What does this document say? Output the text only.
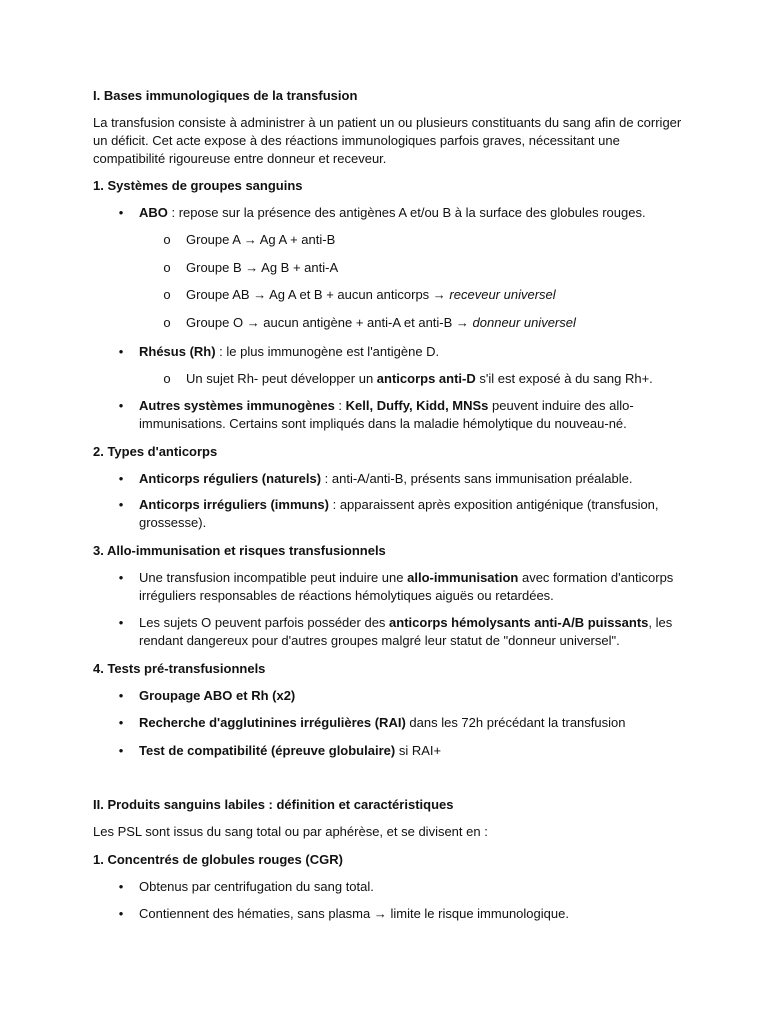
I. Bases immunologiques de la transfusion

La transfusion consiste à administrer à un patient un ou plusieurs constituants du sang afin de corriger un déficit. Cet acte expose à des réactions immunologiques parfois graves, nécessitant une compatibilité rigoureuse entre donneur et receveur.

1. Systèmes de groupes sanguins

•

ABO : repose sur la présence des antigènes A et/ou B à la surface des globules rouges.

o

Groupe A → Ag A + anti-B

o

Groupe B → Ag B + anti-A

o

Groupe AB → Ag A et B + aucun anticorps → receveur universel

o

Groupe O → aucun antigène + anti-A et anti-B → donneur universel

•

Rhésus (Rh) : le plus immunogène est l'antigène D.

o

Un sujet Rh- peut développer un anticorps anti-D s'il est exposé à du sang Rh+.

•

Autres systèmes immunogènes : Kell, Duffy, Kidd, MNSs peuvent induire des allo-immunisations. Certains sont impliqués dans la maladie hémolytique du nouveau-né.

2. Types d'anticorps

•

Anticorps réguliers (naturels) : anti-A/anti-B, présents sans immunisation préalable.

•

Anticorps irréguliers (immuns) : apparaissent après exposition antigénique (transfusion, grossesse).

3. Allo-immunisation et risques transfusionnels

•

Une transfusion incompatible peut induire une allo-immunisation avec formation d'anticorps irréguliers responsables de réactions hémolytiques aiguës ou retardées.

•

Les sujets O peuvent parfois posséder des anticorps hémolysants anti-A/B puissants, les rendant dangereux pour d'autres groupes malgré leur statut de "donneur universel".

4. Tests pré-transfusionnels

•

Groupage ABO et Rh (x2)

•

Recherche d'agglutinines irrégulières (RAI) dans les 72h précédant la transfusion

•

Test de compatibilité (épreuve globulaire) si RAI+

II. Produits sanguins labiles : définition et caractéristiques

Les PSL sont issus du sang total ou par aphérèse, et se divisent en :

1. Concentrés de globules rouges (CGR)

• Obtenus par centrifugation du sang total.

• Contiennent des hématies, sans plasma → limite le risque immunologique.
